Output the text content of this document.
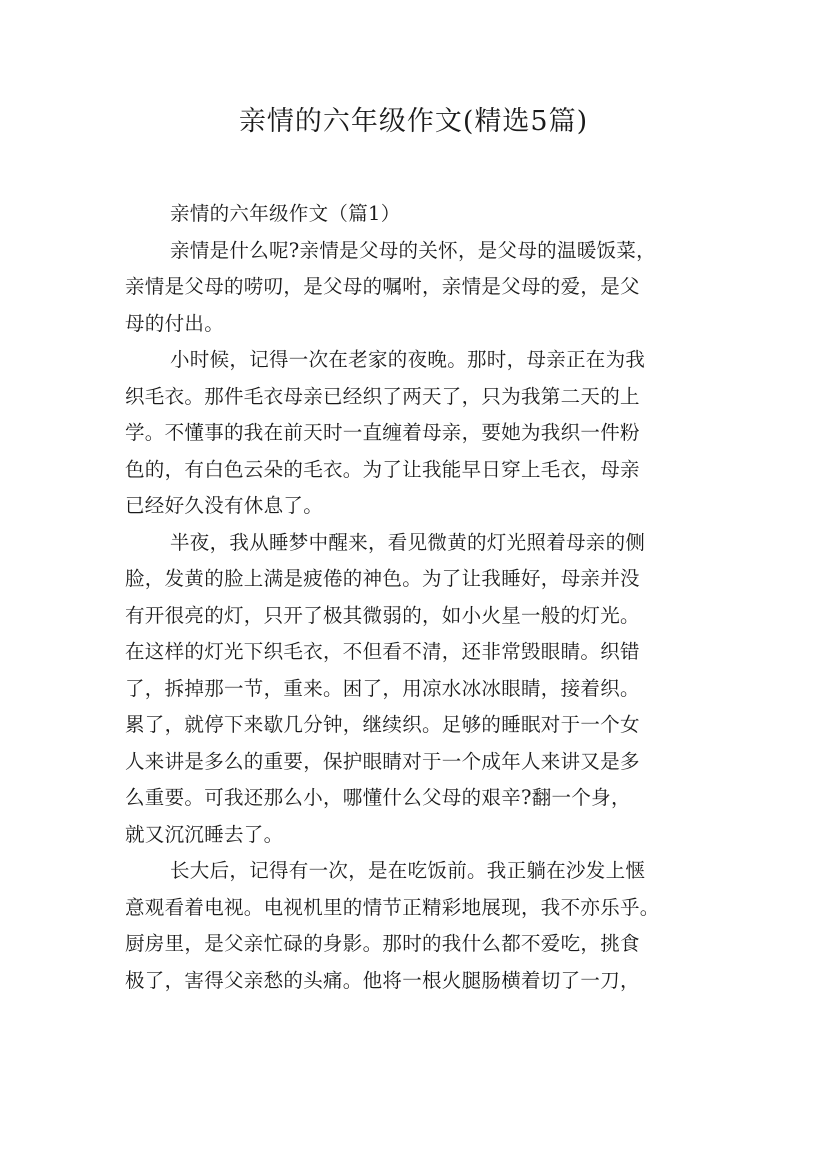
亲情的六年级作文(精选5篇)
亲情的六年级作文（篇1）
亲情是什么呢?亲情是父母的关怀，是父母的温暖饭菜，
亲情是父母的唠叨，是父母的嘱咐，亲情是父母的爱，是父
母的付出。
小时候，记得一次在老家的夜晚。那时，母亲正在为我
织毛衣。那件毛衣母亲已经织了两天了，只为我第二天的上
学。不懂事的我在前天时一直缠着母亲，要她为我织一件粉
色的，有白色云朵的毛衣。为了让我能早日穿上毛衣，母亲
已经好久没有休息了。
半夜，我从睡梦中醒来，看见微黄的灯光照着母亲的侧
脸，发黄的脸上满是疲倦的神色。为了让我睡好，母亲并没
有开很亮的灯，只开了极其微弱的，如小火星一般的灯光。
在这样的灯光下织毛衣，不但看不清，还非常毁眼睛。织错
了，拆掉那一节，重来。困了，用凉水冰冰眼睛，接着织。
累了，就停下来歇几分钟，继续织。足够的睡眠对于一个女
人来讲是多么的重要，保护眼睛对于一个成年人来讲又是多
么重要。可我还那么小，哪懂什么父母的艰辛?翻一个身，
就又沉沉睡去了。
长大后，记得有一次，是在吃饭前。我正躺在沙发上惬
意观看着电视。电视机里的情节正精彩地展现，我不亦乐乎。
厨房里，是父亲忙碌的身影。那时的我什么都不爱吃，挑食
极了，害得父亲愁的头痛。他将一根火腿肠横着切了一刀，
